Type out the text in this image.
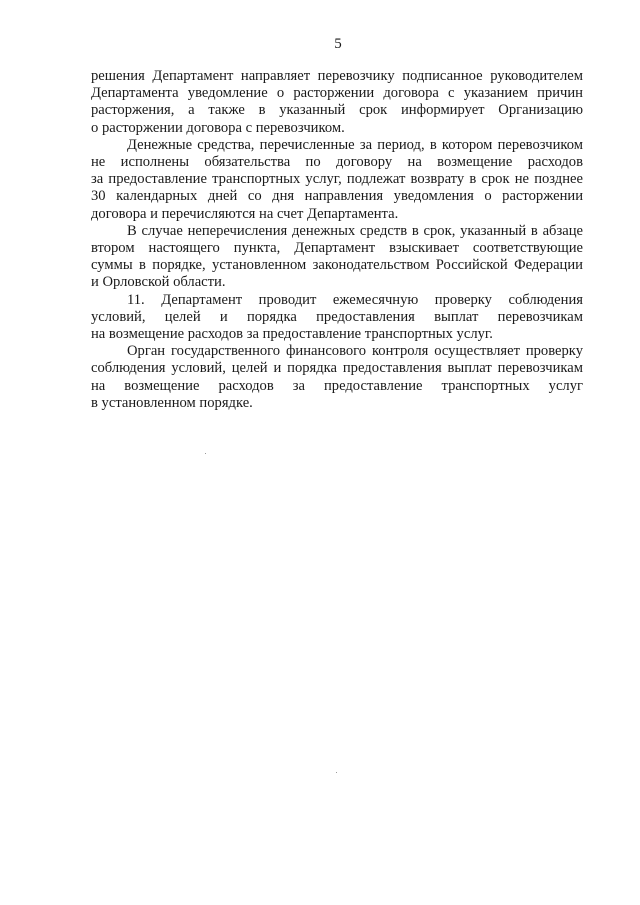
5

решения Департамент направляет перевозчику подписанное руководителем
Департамента уведомление о расторжении договора с указанием причин
расторжения, а также в указанный срок информирует Организацию
о расторжении договора с перевозчиком.

Денежные средства, перечисленные за период, в котором перевозчиком
не исполнены обязательства по договору на возмещение расходов
за предоставление транспортных услуг, подлежат возврату в срок не позднее
30 календарных дней со дня направления уведомления о расторжении
договора и перечисляются на счет Департамента.

В случае неперечисления денежных средств в срок, указанный в абзаце
втором настоящего пункта, Департамент взыскивает соответствующие
суммы в порядке, установленном законодательством Российской Федерации
и Орловской области.

11. Департамент проводит ежемесячную проверку соблюдения
условий, целей и порядка предоставления выплат перевозчикам
на возмещение расходов за предоставление транспортных услуг.

Орган государственного финансового контроля осуществляет проверку
соблюдения условий, целей и порядка предоставления выплат перевозчикам
на возмещение расходов за предоставление транспортных услуг
в установленном порядке.
